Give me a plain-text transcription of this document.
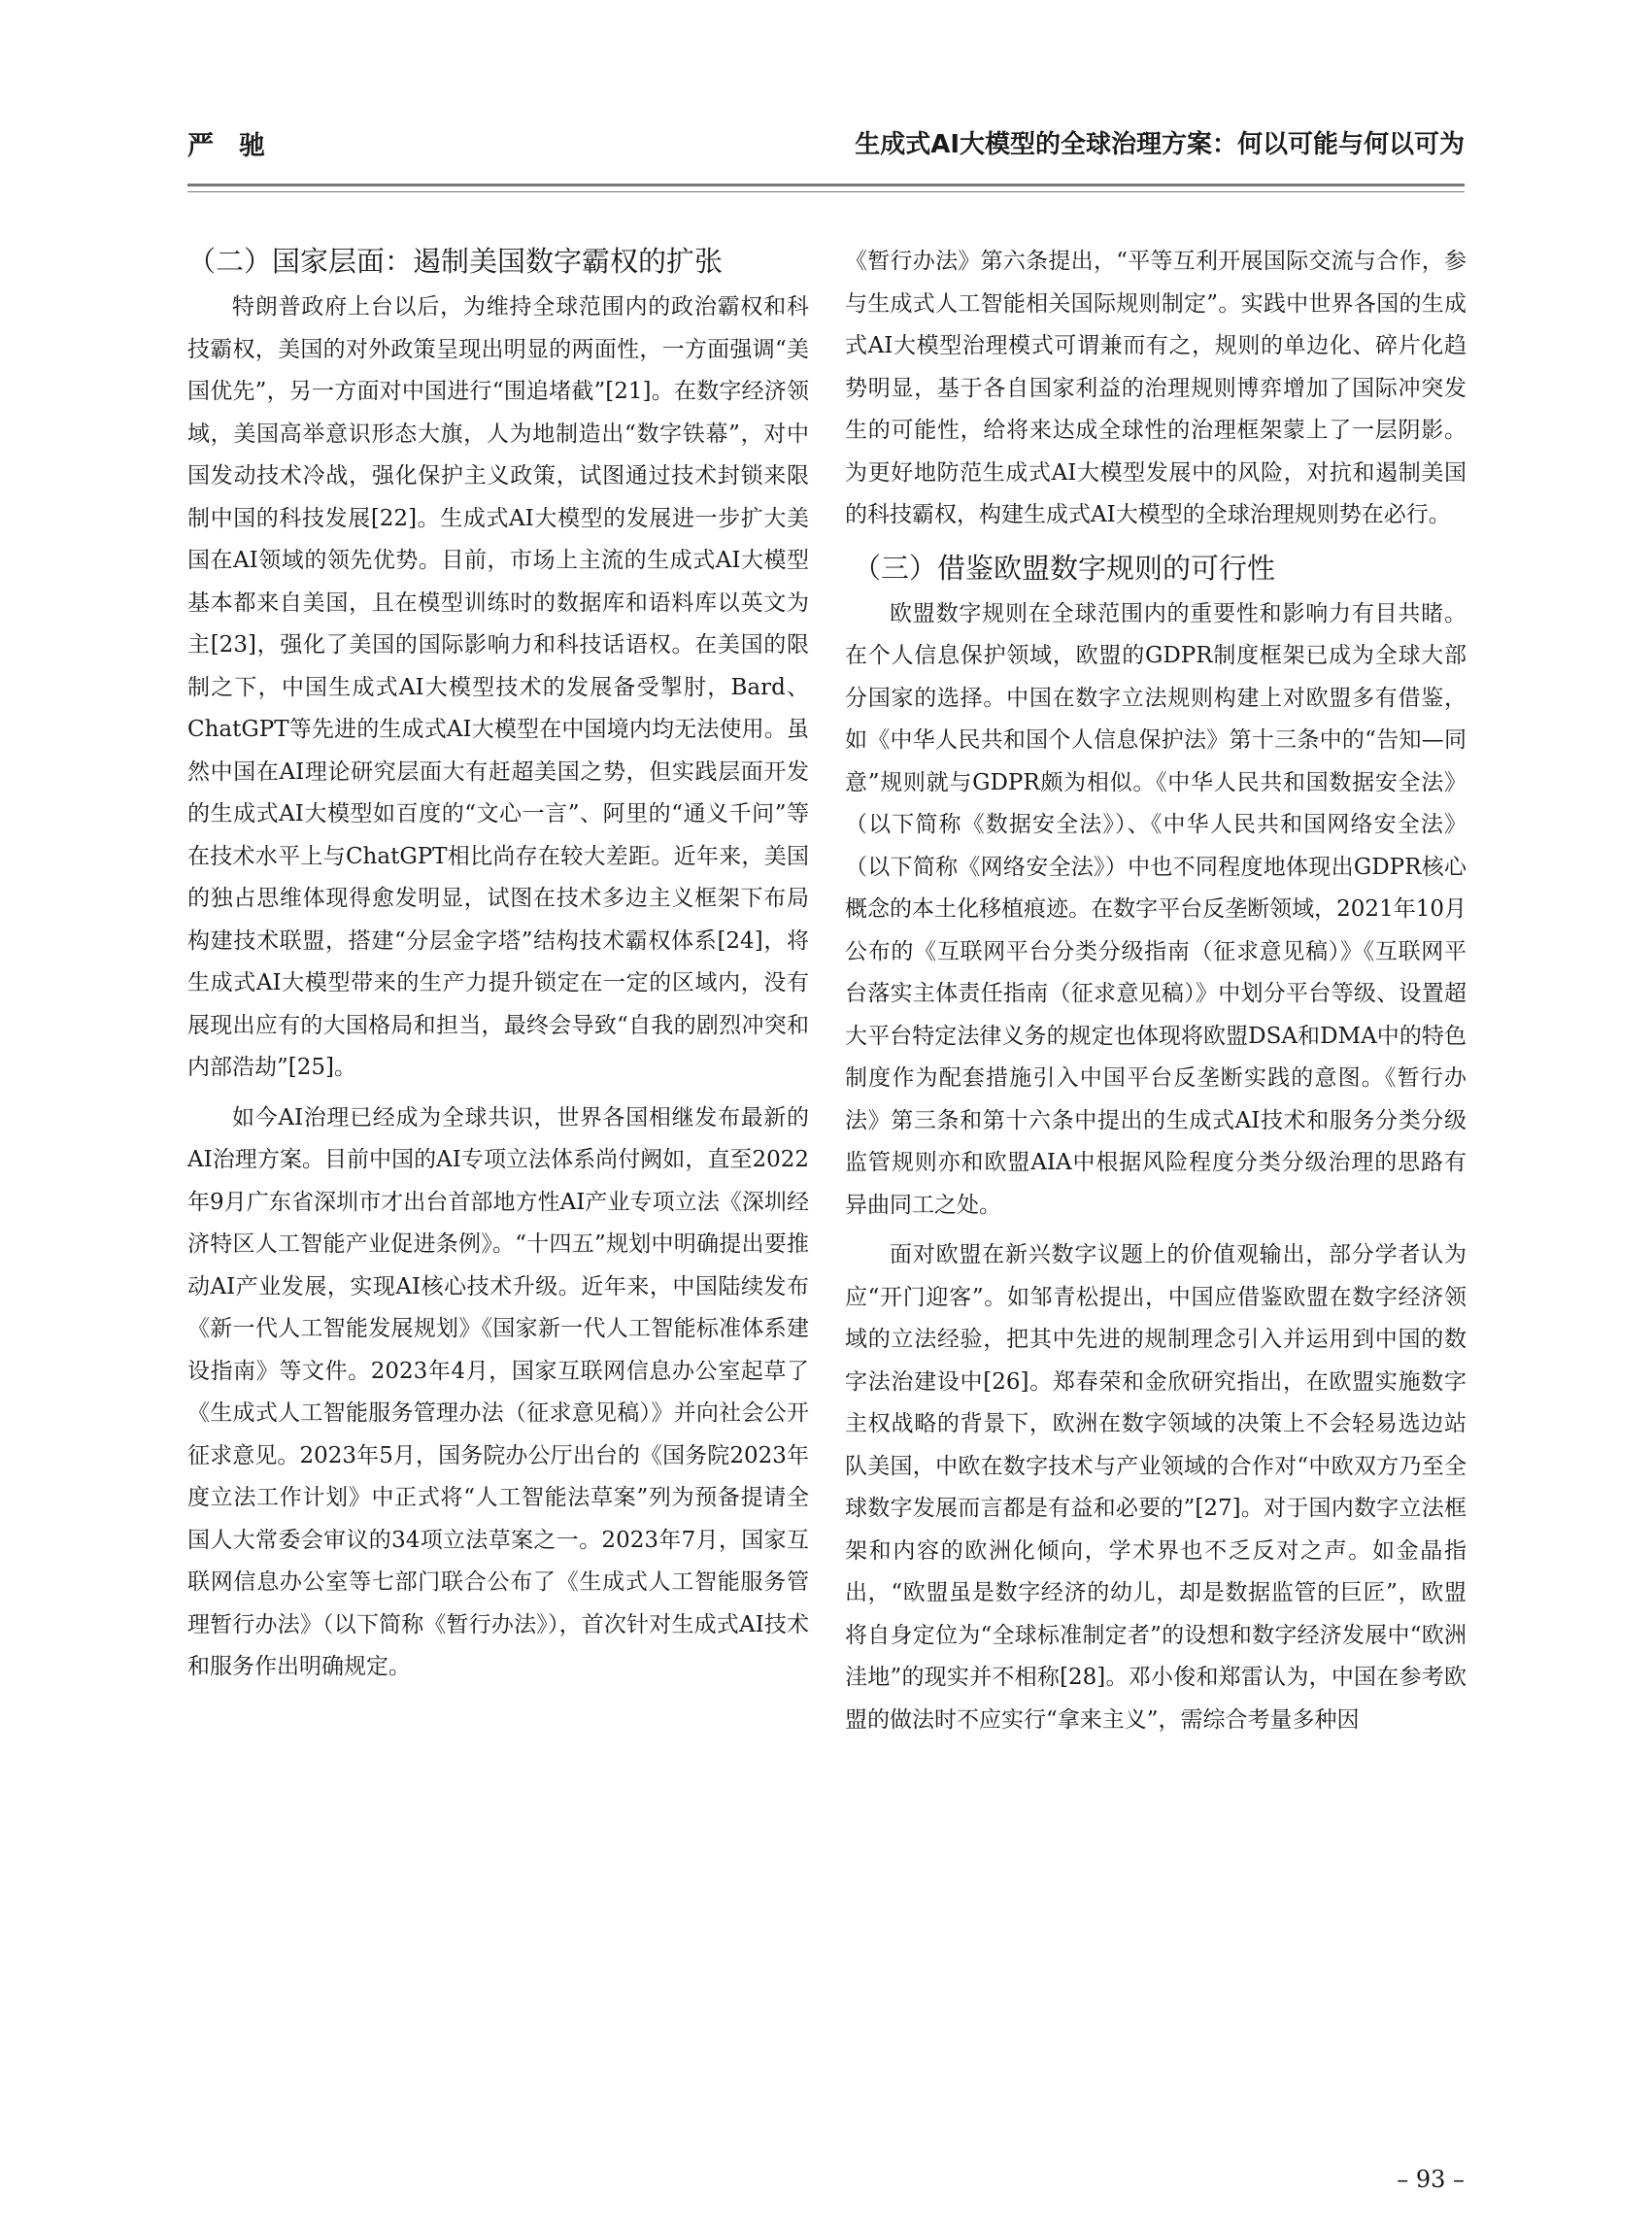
严驰	生成式AI大模型的全球治理方案：何以可能与何以可为
（二）国家层面：遏制美国数字霸权的扩张

特朗普政府上台以后，为维持全球范围内的政治霸权和科技霸权，美国的对外政策呈现出明显的两面性，一方面强调“美国优先”，另一方面对中国进行“围追堵截”[21]。在数字经济领域，美国高举意识形态大旗，人为地制造出“数字铁幕”，对中国发动技术冷战，强化保护主义政策，试图通过技术封锁来限制中国的科技发展[22]。生成式AI大模型的发展进一步扩大美国在AI领域的领先优势。目前，市场上主流的生成式AI大模型基本都来自美国，且在模型训练时的数据库和语料库以英文为主[23]，强化了美国的国际影响力和科技话语权。在美国的限制之下，中国生成式AI大模型技术的发展备受掣肘，Bard、ChatGPT等先进的生成式AI大模型在中国境内均无法使用。虽然中国在AI理论研究层面大有赶超美国之势，但实践层面开发的生成式AI大模型如百度的“文心一言”、阿里的“通义千问”等在技术水平上与ChatGPT相比尚存在较大差距。近年来，美国的独占思维体现得愈发明显，试图在技术多边主义框架下布局构建技术联盟，搭建“分层金字塔”结构技术霸权体系[24]，将生成式AI大模型带来的生产力提升锁定在一定的区域内，没有展现出应有的大国格局和担当，最终会导致“自我的剧烈冲突和内部浩劫”[25]。

如今AI治理已经成为全球共识，世界各国相继发布最新的AI治理方案。目前中国的AI专项立法体系尚付阙如，直至2022年9月广东省深圳市才出台首部地方性AI产业专项立法《深圳经济特区人工智能产业促进条例》。“十四五”规划中明确提出要推动AI产业发展，实现AI核心技术升级。近年来，中国陆续发布《新一代人工智能发展规划》《国家新一代人工智能标准体系建设指南》等文件。2023年4月，国家互联网信息办公室起草了《生成式人工智能服务管理办法（征求意见稿）》并向社会公开征求意见。2023年5月，国务院办公厅出台的《国务院2023年度立法工作计划》中正式将“人工智能法草案”列为预备提请全国人大常委会审议的34项立法草案之一。2023年7月，国家互联网信息办公室等七部门联合公布了《生成式人工智能服务管理暂行办法》（以下简称《暂行办法》），首次针对生成式AI技术和服务作出明确规定。

《暂行办法》第六条提出，“平等互利开展国际交流与合作，参与生成式人工智能相关国际规则制定”。实践中世界各国的生成式AI大模型治理模式可谓兼而有之，规则的单边化、碎片化趋势明显，基于各自国家利益的治理规则博弈增加了国际冲突发生的可能性，给将来达成全球性的治理框架蒙上了一层阴影。为更好地防范生成式AI大模型发展中的风险，对抗和遏制美国的科技霸权，构建生成式AI大模型的全球治理规则势在必行。

（三）借鉴欧盟数字规则的可行性

欧盟数字规则在全球范围内的重要性和影响力有目共睹。在个人信息保护领域，欧盟的GDPR制度框架已成为全球大部分国家的选择。中国在数字立法规则构建上对欧盟多有借鉴，如《中华人民共和国个人信息保护法》第十三条中的“告知—同意”规则就与GDPR颇为相似。《中华人民共和国数据安全法》（以下简称《数据安全法》）、《中华人民共和国网络安全法》（以下简称《网络安全法》）中也不同程度地体现出GDPR核心概念的本土化移植痕迹。在数字平台反垄断领域，2021年10月公布的《互联网平台分类分级指南（征求意见稿）》《互联网平台落实主体责任指南（征求意见稿）》中划分平台等级、设置超大平台特定法律义务的规定也体现将欧盟DSA和DMA中的特色制度作为配套措施引入中国平台反垄断实践的意图。《暂行办法》第三条和第十六条中提出的生成式AI技术和服务分类分级监管规则亦和欧盟AIA中根据风险程度分类分级治理的思路有异曲同工之处。

面对欧盟在新兴数字议题上的价值观输出，部分学者认为应“开门迎客”。如邹青松提出，中国应借鉴欧盟在数字经济领域的立法经验，把其中先进的规制理念引入并运用到中国的数字法治建设中[26]。郑春荣和金欣研究指出，在欧盟实施数字主权战略的背景下，欧洲在数字领域的决策上不会轻易选边站队美国，中欧在数字技术与产业领域的合作对“中欧双方乃至全球数字发展而言都是有益和必要的”[27]。对于国内数字立法框架和内容的欧洲化倾向，学术界也不乏反对之声。如金晶指出，“欧盟虽是数字经济的幼儿，却是数据监管的巨匠”，欧盟将自身定位为“全球标准制定者”的设想和数字经济发展中“欧洲洼地”的现实并不相称[28]。邓小俊和郑雷认为，中国在参考欧盟的做法时不应实行“拿来主义”，需综合考量多种因

– 93 –
